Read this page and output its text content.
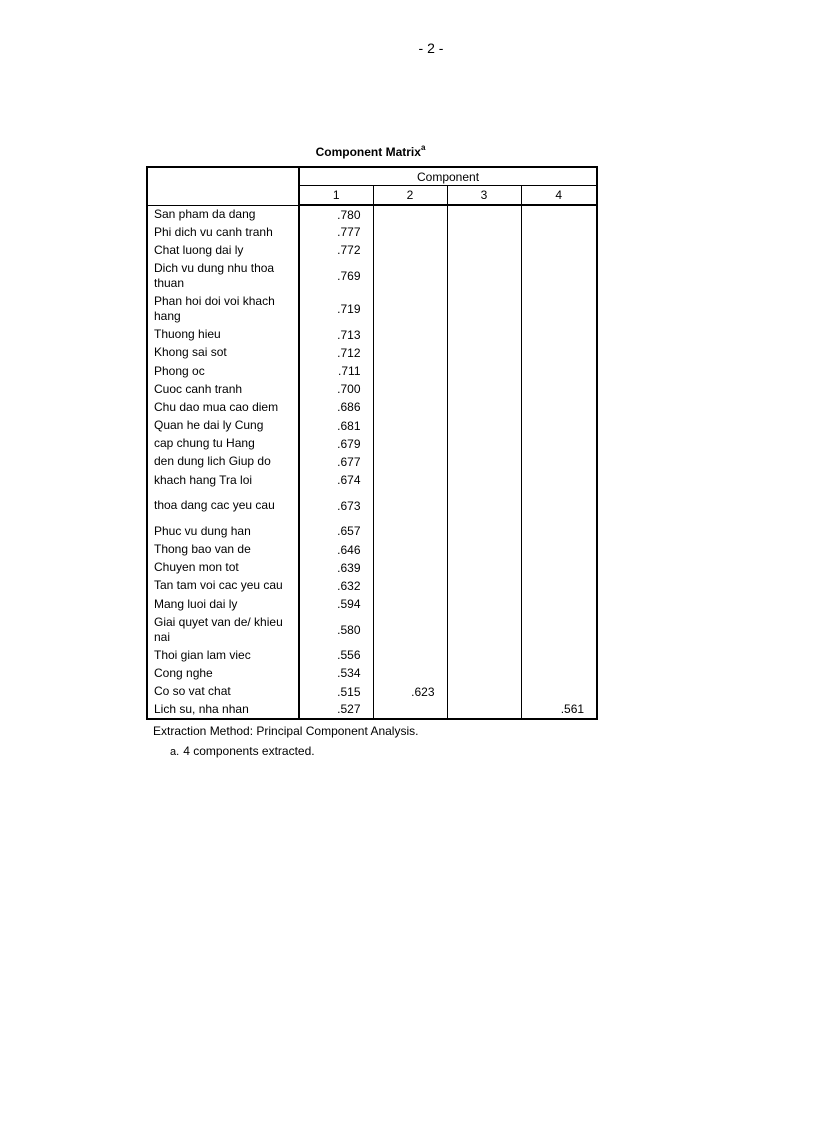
- 2 -
Component Matrix$^a$
	Component			
	1	2	3	4
San pham da dang	.780			
Phi dich vu canh tranh	.777			
Chat luong dai ly	.772			
Dich vu dung nhu thoa thuan	.769			
Phan hoi doi voi khach hang	.719			
Thuong hieu	.713			
Khong sai sot	.712			
Phong oc	.711			
Cuoc canh tranh	.700			
Chu dao mua cao diem	.686			
Quan he dai ly Cung	.681			
cap chung tu Hang	.679			
den dung lich Giup do	.677			
khach hang Tra loi	.674			
thoa dang cac yeu cau	.673			
Phuc vu dung han	.657			
Thong bao van de	.646			
Chuyen mon tot	.639			
Tan tam voi cac yeu cau	.632			
Mang luoi dai ly	.594			
Giai quyet van de/ khieu nai	.580			
Thoi gian lam viec	.556			
Cong nghe	.534			
Co so vat chat	.515	.623		
Lich su, nha nhan	.527			.561
Extraction Method: Principal Component Analysis.
a. 4 components extracted.
